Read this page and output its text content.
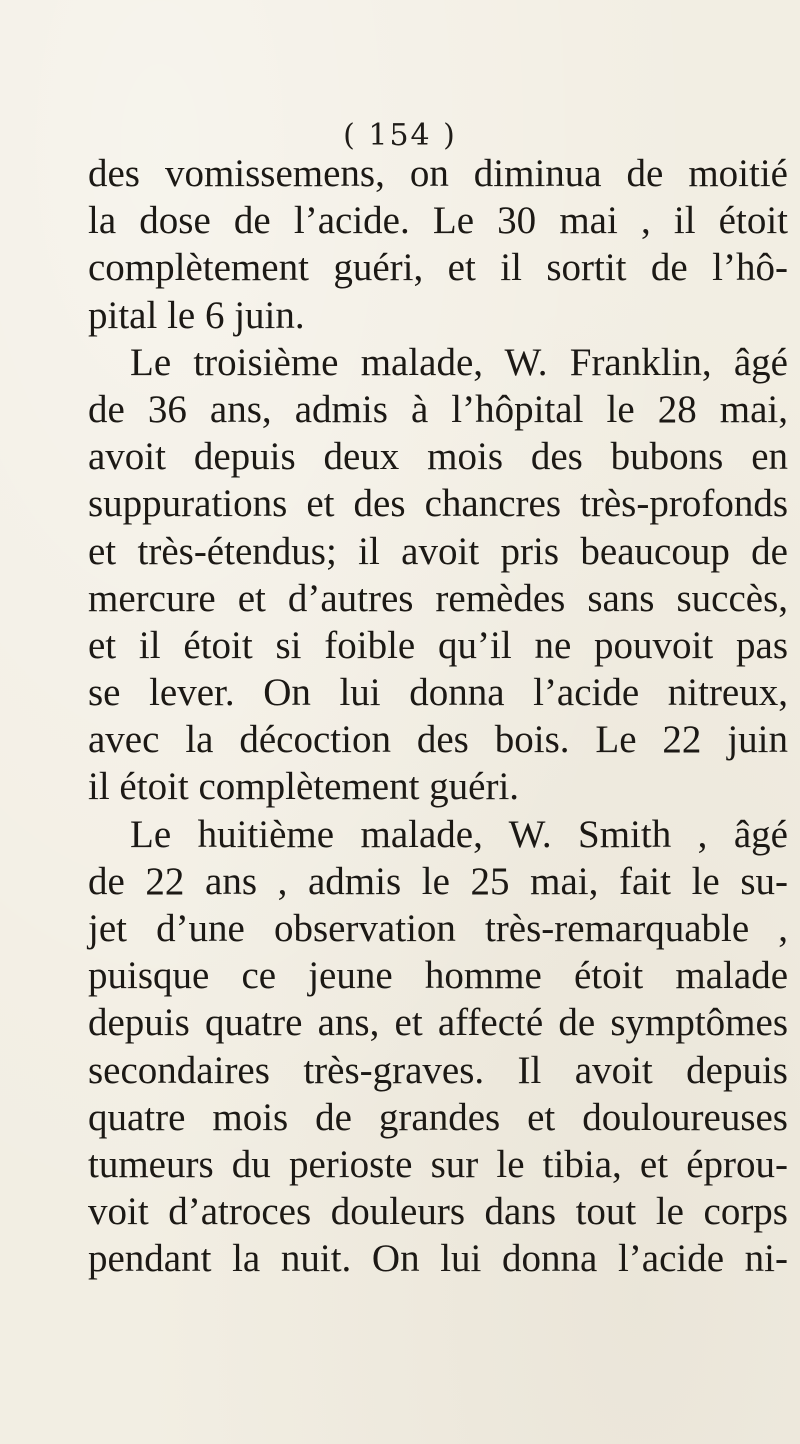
( 154 )
des vomissemens, on diminua de moitié
la dose de l’acide. Le 30 mai , il étoit
complètement guéri, et il sortit de l’hô-
pital le 6 juin.
Le troisième malade, W. Franklin, âgé
de 36 ans, admis à l’hôpital le 28 mai,
avoit depuis deux mois des bubons en
suppurations et des chancres très-profonds
et très-étendus; il avoit pris beaucoup de
mercure et d’autres remèdes sans succès,
et il étoit si foible qu’il ne pouvoit pas
se lever. On lui donna l’acide nitreux,
avec la décoction des bois. Le 22 juin
il étoit complètement guéri.
Le huitième malade, W. Smith , âgé
de 22 ans , admis le 25 mai, fait le su-
jet d’une observation très-remarquable ,
puisque ce jeune homme étoit malade
depuis quatre ans, et affecté de symptômes
secondaires très-graves. Il avoit depuis
quatre mois de grandes et douloureuses
tumeurs du perioste sur le tibia, et éprou-
voit d’atroces douleurs dans tout le corps
pendant la nuit. On lui donna l’acide ni-
